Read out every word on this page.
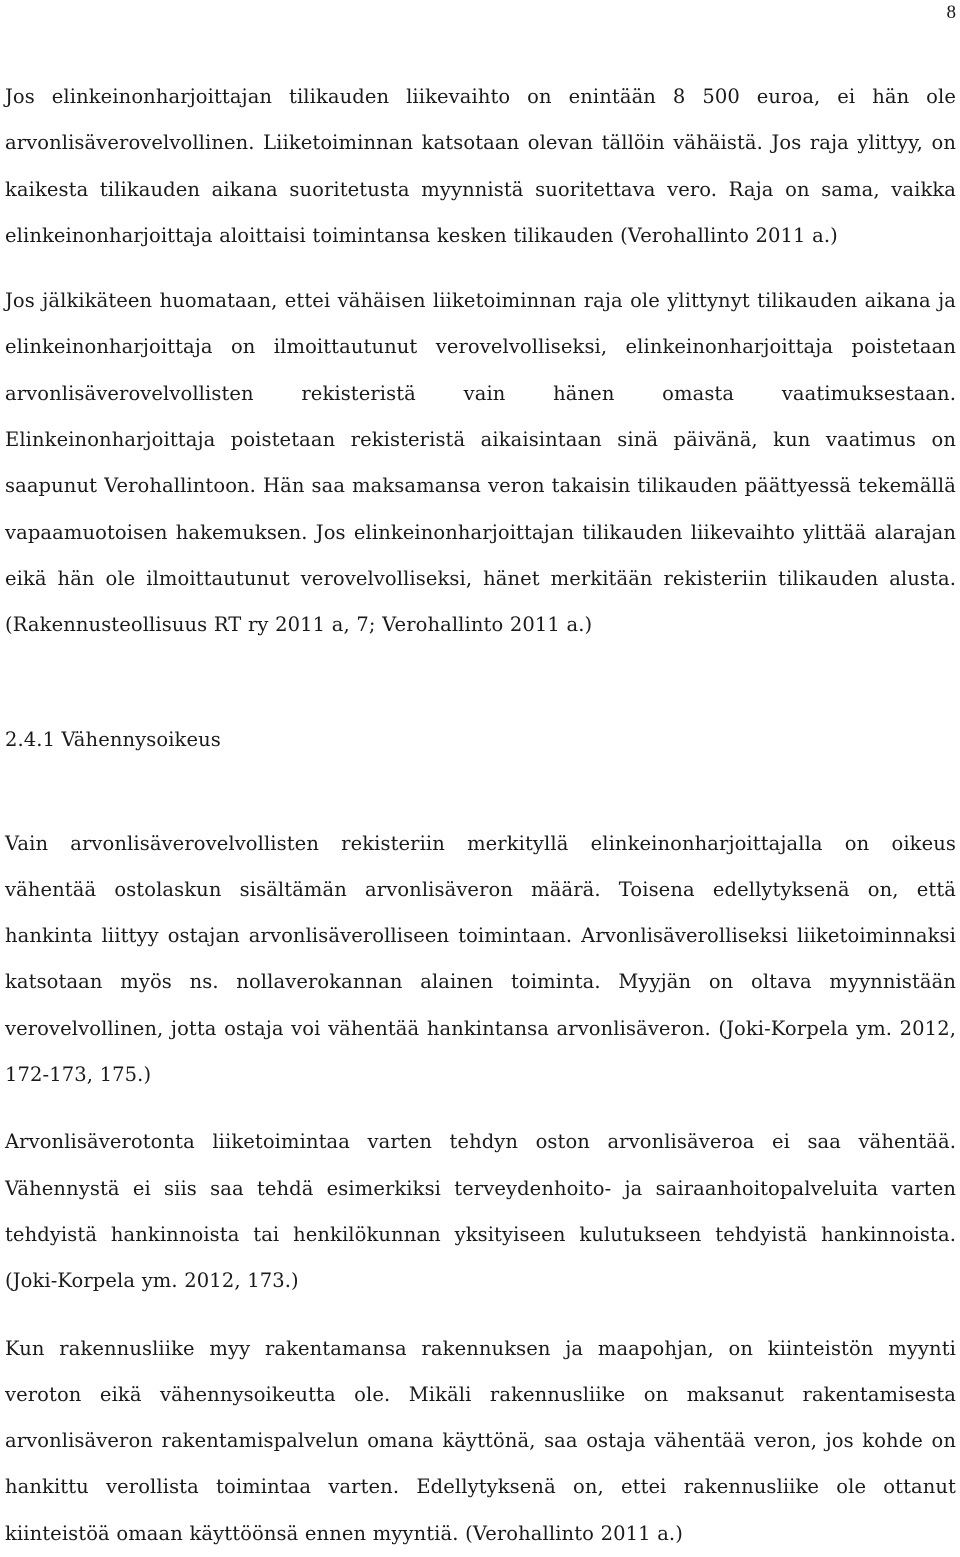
8

Jos elinkeinonharjoittajan tilikauden liikevaihto on enintään 8 500 euroa, ei hän ole arvonlisäverovelvollinen. Liiketoiminnan katsotaan olevan tällöin vähäistä. Jos raja ylittyy, on kaikesta tilikauden aikana suoritetusta myynnistä suoritettava vero. Raja on sama, vaikka elinkeinonharjoittaja aloittaisi toimintansa kesken tilikauden (Verohallinto 2011 a.)

Jos jälkikäteen huomataan, ettei vähäisen liiketoiminnan raja ole ylittynyt tilikauden aikana ja elinkeinonharjoittaja on ilmoittautunut verovelvolliseksi, elinkeinonharjoittaja poistetaan arvonlisäverovelvollisten rekisteristä vain hänen omasta vaatimuksestaan. Elinkeinonharjoittaja poistetaan rekisteristä aikaisintaan sinä päivänä, kun vaatimus on saapunut Verohallintoon. Hän saa maksamansa veron takaisin tilikauden päättyessä tekemällä vapaamuotoisen hakemuksen. Jos elinkeinonharjoittajan tilikauden liikevaihto ylittää alarajan eikä hän ole ilmoittautunut verovelvolliseksi, hänet merkitään rekisteriin tilikauden alusta. (Rakennusteollisuus RT ry 2011 a, 7; Verohallinto 2011 a.)

2.4.1 Vähennysoikeus

Vain arvonlisäverovelvollisten rekisteriin merkityllä elinkeinonharjoittajalla on oikeus vähentää ostolaskun sisältämän arvonlisäveron määrä. Toisena edellytyksenä on, että hankinta liittyy ostajan arvonlisäverolliseen toimintaan. Arvonlisäverolliseksi liiketoiminnaksi katsotaan myös ns. nollaverokannan alainen toiminta. Myyjän on oltava myynnistään verovelvollinen, jotta ostaja voi vähentää hankintansa arvonlisäveron. (Joki-Korpela ym. 2012, 172-173, 175.)

Arvonlisäverotonta liiketoimintaa varten tehdyn oston arvonlisäveroa ei saa vähentää. Vähennystä ei siis saa tehdä esimerkiksi terveydenhoito- ja sairaanhoitopalveluita varten tehdyistä hankinnoista tai henkilökunnan yksityiseen kulutukseen tehdyistä hankinnoista. (Joki-Korpela ym. 2012, 173.)

Kun rakennusliike myy rakentamansa rakennuksen ja maapohjan, on kiinteistön myynti veroton eikä vähennysoikeutta ole. Mikäli rakennusliike on maksanut rakentamisesta arvonlisäveron rakentamispalvelun omana käyttönä, saa ostaja vähentää veron, jos kohde on hankittu verollista toimintaa varten. Edellytyksenä on, ettei rakennusliike ole ottanut kiinteistöä omaan käyttöönsä ennen myyntiä. (Verohallinto 2011 a.)
